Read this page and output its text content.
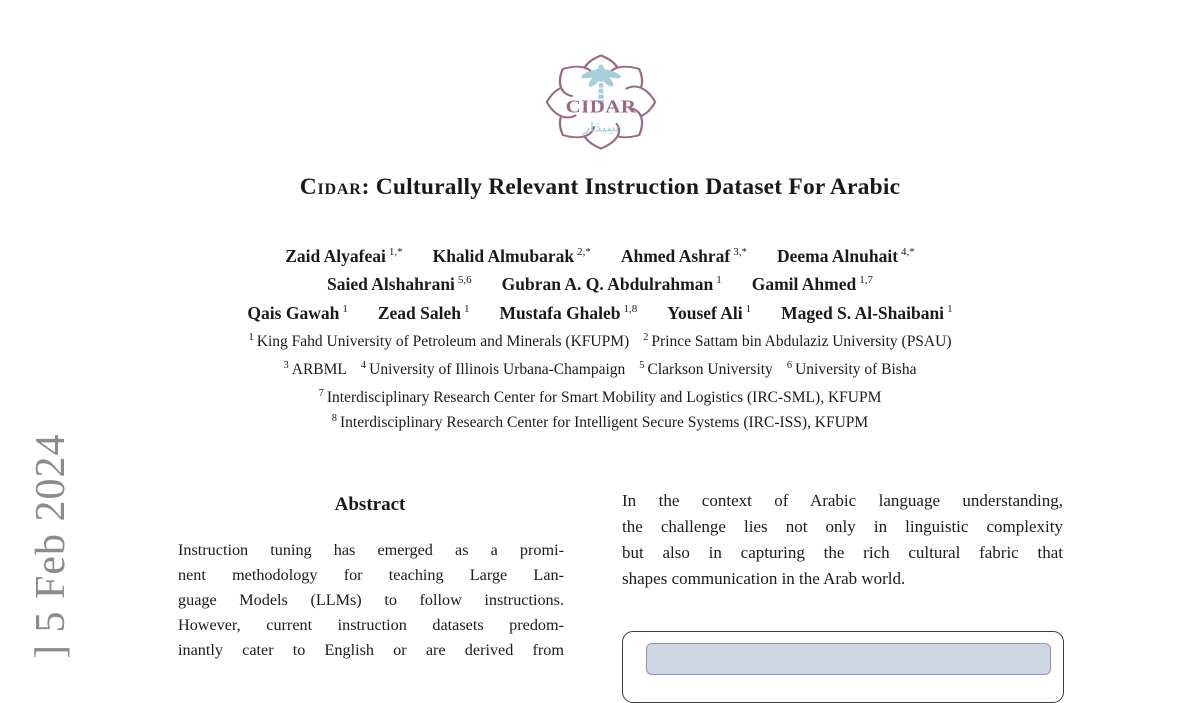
] 5 Feb 2024
CIDAR
سِيدَار
Cidar: Culturally Relevant Instruction Dataset For Arabic
Zaid Alyafeai $^{1,*}$ Khalid Almubarak $^{2,*}$ Ahmed Ashraf $^{3,*}$ Deema Alnuhait $^{4,*}$
Saied Alshahrani $^{5,6}$ Gubran A. Q. Abdulrahman $^1$ Gamil Ahmed $^{1,7}$
Qais Gawah $^1$ Zead Saleh $^1$ Mustafa Ghaleb $^{1,8}$ Yousef Ali $^1$ Maged S. Al-Shaibani $^1$
$^1$ King Fahd University of Petroleum and Minerals (KFUPM) $^2$ Prince Sattam bin Abdulaziz University (PSAU)
$^3$ ARBML $^4$ University of Illinois Urbana-Champaign $^5$ Clarkson University $^6$ University of Bisha
$^7$ Interdisciplinary Research Center for Smart Mobility and Logistics (IRC-SML), KFUPM
$^8$ Interdisciplinary Research Center for Intelligent Secure Systems (IRC-ISS), KFUPM
Abstract
Instruction tuning has emerged as a promi-
nent methodology for teaching Large Lan-
guage Models (LLMs) to follow instructions.
However, current instruction datasets predom-
inantly cater to English or are derived from
In the context of Arabic language understanding,
the challenge lies not only in linguistic complexity
but also in capturing the rich cultural fabric that
shapes communication in the Arab world.
